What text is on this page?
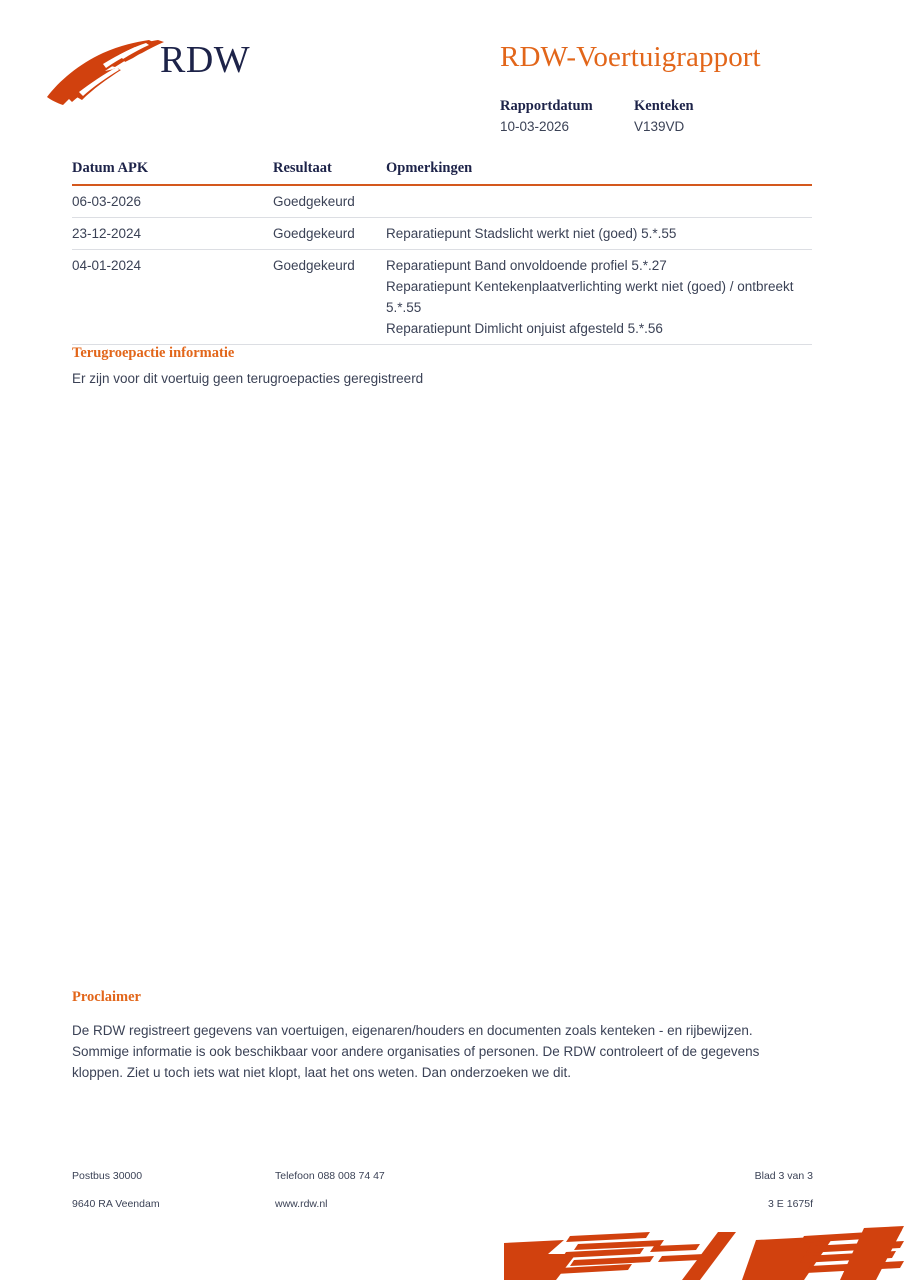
RDW	RDW-Voertuigrapport
Rapportdatum	Kenteken
10-03-2026	V139VD
Datum APK	Resultaat	Opmerkingen
06-03-2026	Goedgekeurd
23-12-2024	Goedgekeurd	Reparatiepunt Stadslicht werkt niet (goed) 5.*.55

04-01-2024	Goedgekeurd	Reparatiepunt Band onvoldoende profiel 5.*.27

Reparatiepunt Kentekenplaatverlichting werkt niet (goed) / ontbreekt 5.*.55

Reparatiepunt Dimlicht onjuist afgesteld 5.*.56

Terugroepactie informatie
Er zijn voor dit voertuig geen terugroepacties geregistreerd
Proclaimer

De RDW registreert gegevens van voertuigen, eigenaren/houders en documenten zoals kenteken - en rijbewijzen.

Sommige informatie is ook beschikbaar voor andere organisaties of personen. De RDW controleert of de gegevens

kloppen. Ziet u toch iets wat niet klopt, laat het ons weten. Dan onderzoeken we dit.

Postbus 30000	Telefoon 088 008 74 47	Blad 3 van 3
9640 RA Veendam	www.rdw.nl	3 E 1675f
